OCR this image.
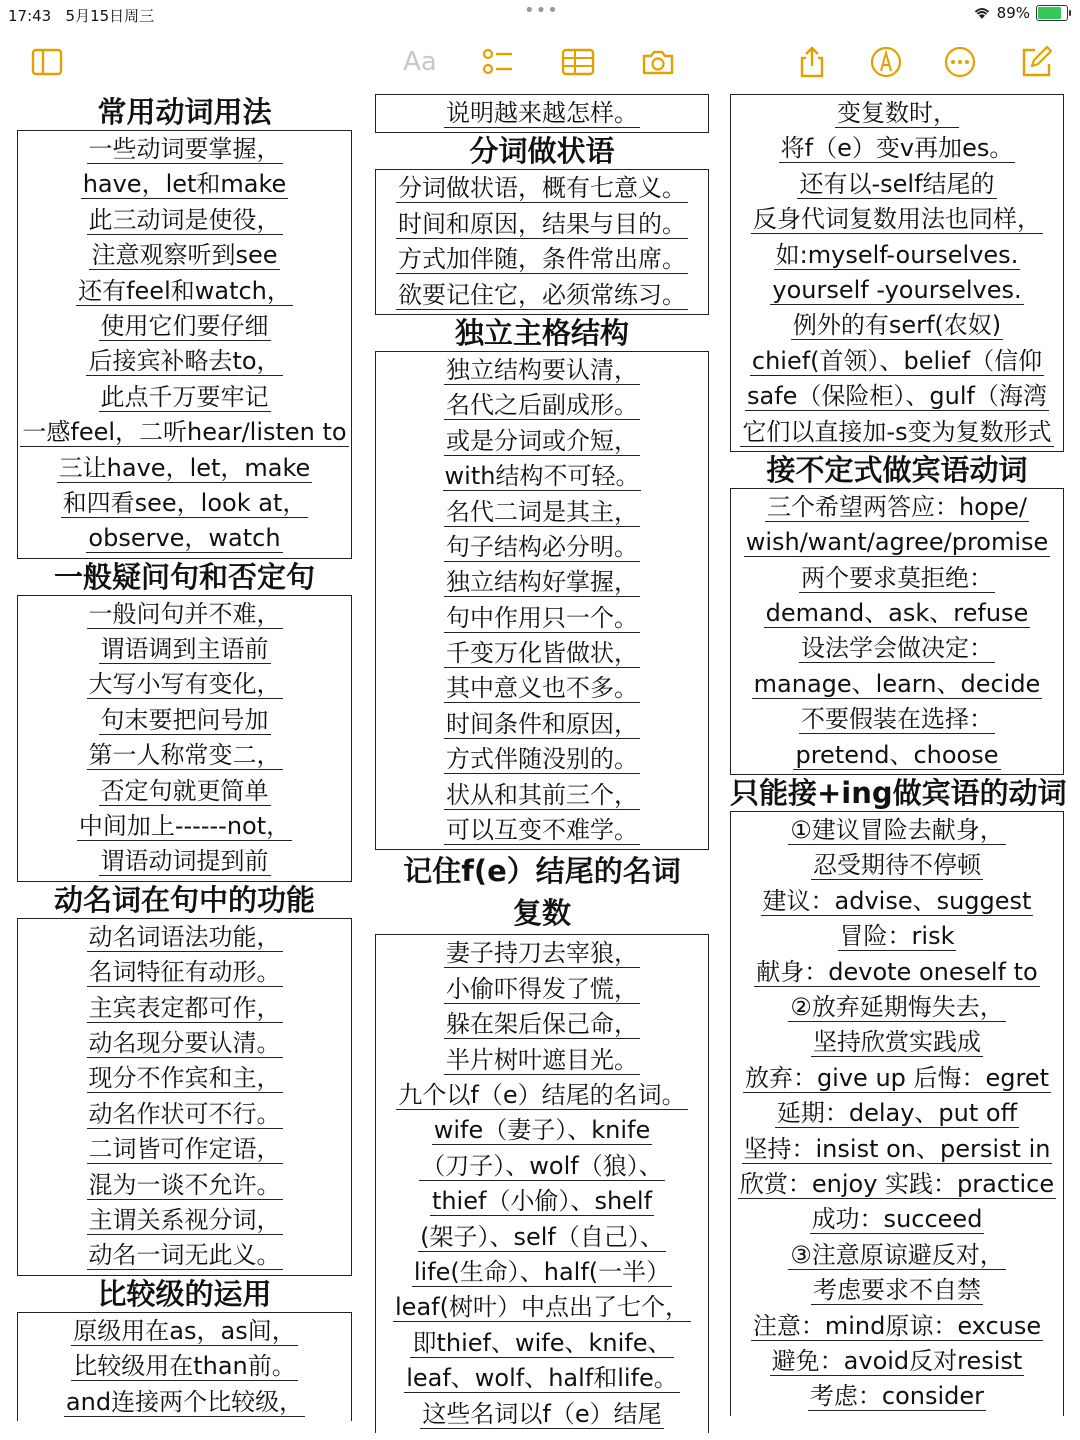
17:43 5月15日周三	•••	89%
Aa
常用动词用法
一些动词要掌握，
have，let和make
此三动词是使役，
注意观察听到see
还有feel和watch，
使用它们要仔细
后接宾补略去to，
此点千万要牢记
一感feel，二听hear/listen to
三让have，let，make
和四看see，look at，
observe，watch
一般疑问句和否定句
一般问句并不难，
谓语调到主语前
大写小写有变化，
句末要把问号加
第一人称常变二，
否定句就更简单
中间加上------not，
谓语动词提到前
动名词在句中的功能
动名词语法功能，
名词特征有动形。
主宾表定都可作，
动名现分要认清。
现分不作宾和主，
动名作状可不行。
二词皆可作定语，
混为一谈不允许。
主谓关系视分词，
动名一词无此义。
比较级的运用
原级用在as，as间，
比较级用在than前。
and连接两个比较级，
说明越来越怎样。
分词做状语
分词做状语，概有七意义。
时间和原因，结果与目的。
方式加伴随，条件常出席。
欲要记住它，必须常练习。
独立主格结构
独立结构要认清，
名代之后副成形。
或是分词或介短，
with结构不可轻。
名代二词是其主，
句子结构必分明。
独立结构好掌握，
句中作用只一个。
千变万化皆做状，
其中意义也不多。
时间条件和原因，
方式伴随没别的。
状从和其前三个，
可以互变不难学。
记住f(e）结尾的名词复数
妻子持刀去宰狼，
小偷吓得发了慌，
躲在架后保己命，
半片树叶遮目光。
九个以f（e）结尾的名词。
wife（妻子）、knife
（刀子）、wolf（狼）、
thief（小偷）、shelf
(架子）、self（自己）、
life(生命）、half(一半）
leaf(树叶）中点出了七个，
即thief、wife、knife、
leaf、wolf、half和life。
这些名词以f（e）结尾
变复数时，
将f（e）变v再加es。
还有以-self结尾的
反身代词复数用法也同样，
如:myself-ourselves.
yourself -yourselves.
例外的有serf(农奴)
chief(首领）、belief（信仰
safe（保险柜）、gulf（海湾
它们以直接加-s变为复数形式
接不定式做宾语动词
三个希望两答应：hope/
wish/want/agree/promise
两个要求莫拒绝：
demand、ask、refuse
设法学会做决定：
manage、learn、decide
不要假装在选择：
pretend、choose
只能接+ing做宾语的动词
①建议冒险去献身，
忍受期待不停顿
建议：advise、suggest
冒险：risk
献身：devote oneself to
②放弃延期悔失去，
坚持欣赏实践成
放弃：give up 后悔：egret
延期：delay、put off
坚持：insist on、persist in
欣赏：enjoy 实践：practice
成功：succeed
③注意原谅避反对，
考虑要求不自禁
注意：mind原谅：excuse
避免：avoid反对resist
考虑：consider
